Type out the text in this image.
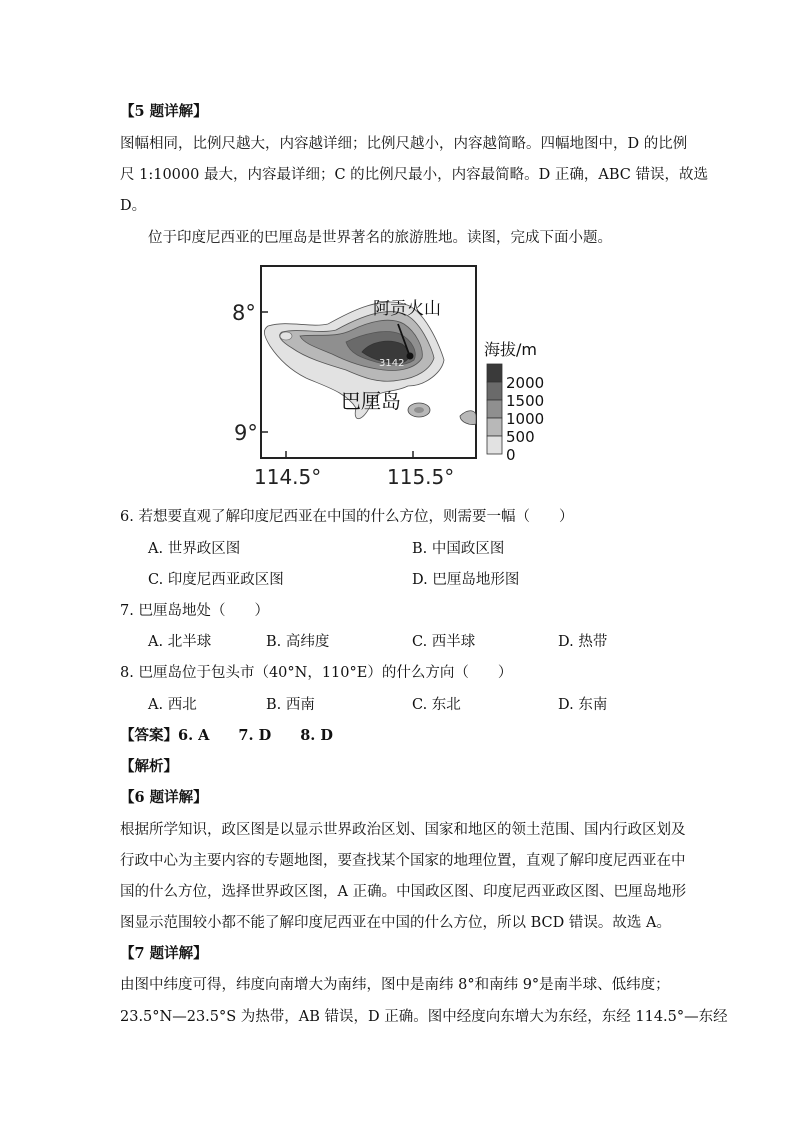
【5 题详解】
图幅相同，比例尺越大，内容越详细；比例尺越小，内容越简略。四幅地图中，D 的比例
尺 1:10000 最大，内容最详细；C 的比例尺最小，内容最简略。D 正确，ABC 错误，故选
D。
位于印度尼西亚的巴厘岛是世界著名的旅游胜地。读图，完成下面小题。
8°
9°
阿贡火山
3142
巴厘岛
114.5°	115.5°
海拔/m
2000
1500
1000
500
0
6. 若想要直观了解印度尼西亚在中国的什么方位，则需要一幅（　　）
A. 世界政区图	B. 中国政区图
C. 印度尼西亚政区图	D. 巴厘岛地形图
7. 巴厘岛地处（　　）
A. 北半球	B. 高纬度	C. 西半球	D. 热带
8. 巴厘岛位于包头市（40°N，110°E）的什么方向（　　）
A. 西北	B. 西南	C. 东北	D. 东南
【答案】6. A　　7. D　　8. D
【解析】
【6 题详解】
根据所学知识，政区图是以显示世界政治区划、国家和地区的领土范围、国内行政区划及
行政中心为主要内容的专题地图，要查找某个国家的地理位置，直观了解印度尼西亚在中
国的什么方位，选择世界政区图，A 正确。中国政区图、印度尼西亚政区图、巴厘岛地形
图显示范围较小都不能了解印度尼西亚在中国的什么方位，所以 BCD 错误。故选 A。
【7 题详解】
由图中纬度可得，纬度向南增大为南纬，图中是南纬 8°和南纬 9°是南半球、低纬度；
23.5°N—23.5°S 为热带，AB 错误，D 正确。图中经度向东增大为东经，东经 114.5°—东经
